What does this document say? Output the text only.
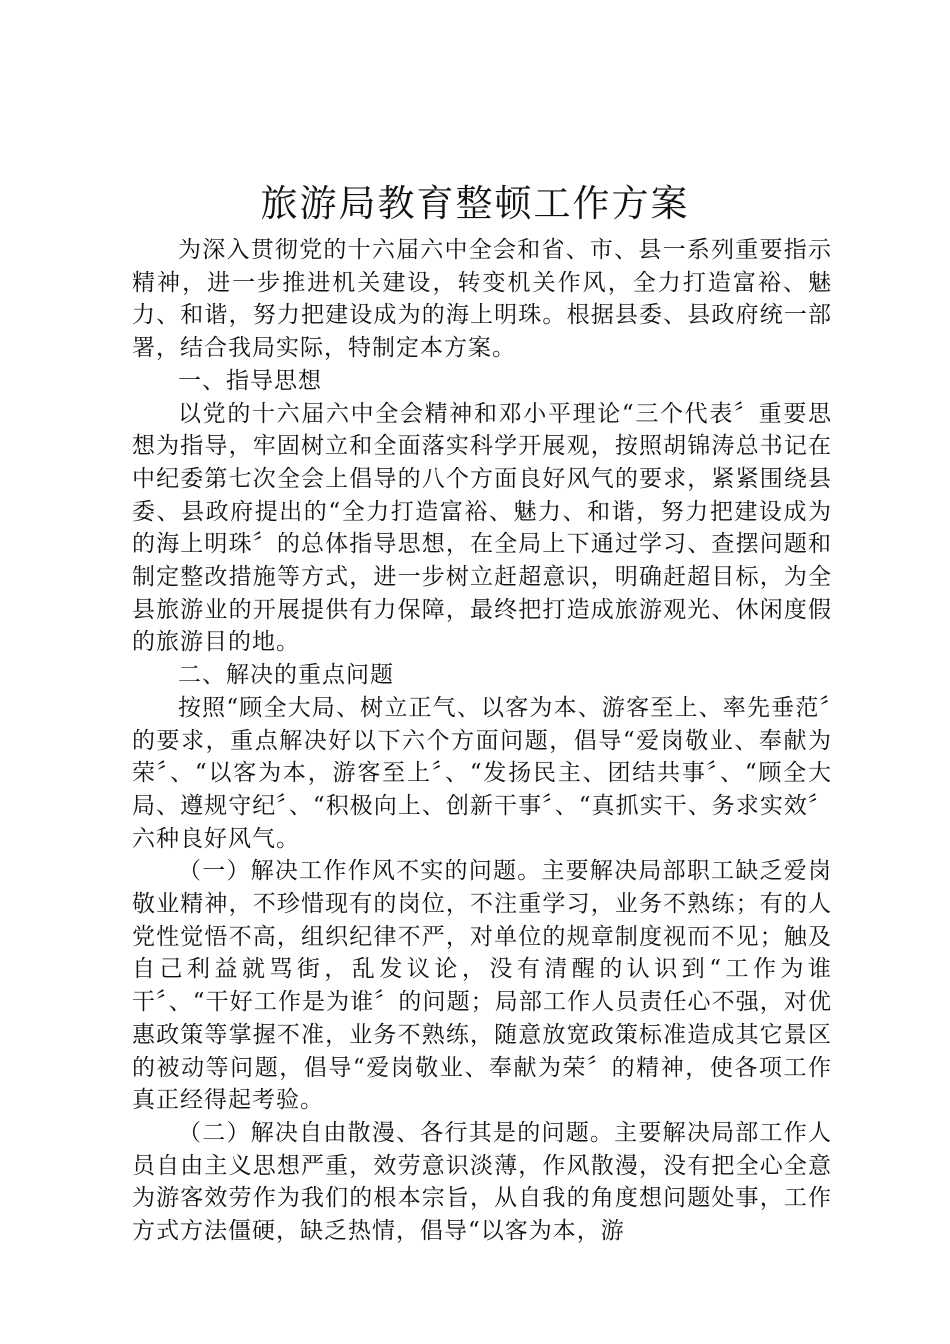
旅游局教育整顿工作方案

为深入贯彻党的十六届六中全会和省、市、县一系列重要指示精神，进一步推进机关建设，转变机关作风，全力打造富裕、魅力、和谐，努力把建设成为的海上明珠。根据县委、县政府统一部署，结合我局实际，特制定本方案。

一、指导思想

以党的十六届六中全会精神和邓小平理论“三个代表〞重要思想为指导，牢固树立和全面落实科学开展观，按照胡锦涛总书记在中纪委第七次全会上倡导的八个方面良好风气的要求，紧紧围绕县委、县政府提出的“全力打造富裕、魅力、和谐，努力把建设成为的海上明珠〞的总体指导思想，在全局上下通过学习、查摆问题和制定整改措施等方式，进一步树立赶超意识，明确赶超目标，为全县旅游业的开展提供有力保障，最终把打造成旅游观光、休闲度假的旅游目的地。

二、解决的重点问题

按照“顾全大局、树立正气、以客为本、游客至上、率先垂范〞的要求，重点解决好以下六个方面问题，倡导“爱岗敬业、奉献为荣〞、“以客为本，游客至上〞、“发扬民主、团结共事〞、“顾全大局、遵规守纪〞、“积极向上、创新干事〞、“真抓实干、务求实效〞六种良好风气。

（一）解决工作作风不实的问题。主要解决局部职工缺乏爱岗敬业精神，不珍惜现有的岗位，不注重学习，业务不熟练；有的人党性觉悟不高，组织纪律不严，对单位的规章制度视而不见；触及自己利益就骂街，乱发议论，没有清醒的认识到“工作为谁干〞、“干好工作是为谁〞的问题；局部工作人员责任心不强，对优惠政策等掌握不准，业务不熟练，随意放宽政策标准造成其它景区的被动等问题，倡导“爱岗敬业、奉献为荣〞的精神，使各项工作真正经得起考验。

（二）解决自由散漫、各行其是的问题。主要解决局部工作人员自由主义思想严重，效劳意识淡薄，作风散漫，没有把全心全意为游客效劳作为我们的根本宗旨，从自我的角度想问题处事，工作方式方法僵硬，缺乏热情，倡导“以客为本，游
